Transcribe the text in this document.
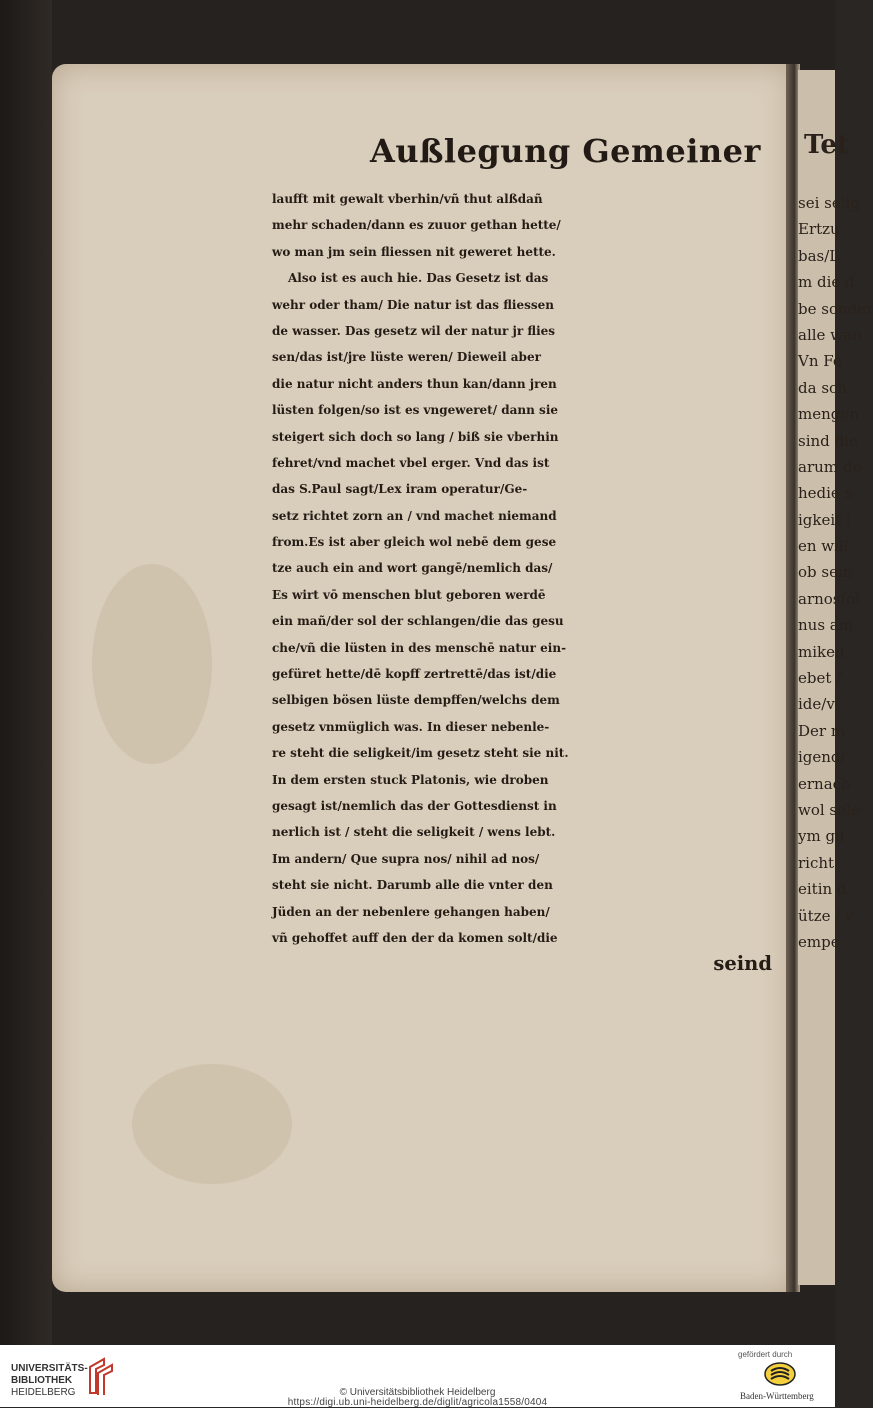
Tet
sei selig
Ertzu
bas/L
m die d
be sonder
alle wan
Vn Fe
da sch
mengen
sind die
arum de
hedie s
igkeit (
en will
ob sein
arnosfol
nus am
mikeit
ebet /
ide/v
Der m
igend/
ernach
wol sole
ym gu
richt
eitin d
ütze / v
empe
Außlegung Gemeiner
laufft mit gewalt vberhin/vñ thut alßdañ
mehr schaden/dann es zuuor gethan hette/
wo man jm sein fliessen nit geweret hette.
Also ist es auch hie. Das Gesetz ist das
wehr oder tham/ Die natur ist das fliessen
de wasser. Das gesetz wil der natur jr flies
sen/das ist/jre lüste weren/ Dieweil aber
die natur nicht anders thun kan/dann jren
lüsten folgen/so ist es vngeweret/ dann sie
steigert sich doch so lang / biß sie vberhin
fehret/vnd machet vbel erger. Vnd das ist
das S.Paul sagt/Lex iram operatur/Ge-
setz richtet zorn an / vnd machet niemand
from.Es ist aber gleich wol nebē dem gese
tze auch ein and wort gangē/nemlich das/
Es wirt vō menschen blut geboren werdē
ein mañ/der sol der schlangen/die das gesu
che/vñ die lüsten in des menschē natur ein-
gefüret hette/dē kopff zertrettē/das ist/die
selbigen bösen lüste dempffen/welchs dem
gesetz vnmüglich was. In dieser nebenle-
re steht die seligkeit/im gesetz steht sie nit.
In dem ersten stuck Platonis, wie droben
gesagt ist/nemlich das der Gottesdienst in
nerlich ist / steht die seligkeit / wens lebt.
Im andern/ Que supra nos/ nihil ad nos/
steht sie nicht. Darumb alle die vnter den
Jüden an der nebenlere gehangen haben/
vñ gehoffet auff den der da komen solt/die
seind
UNIVERSITÄTS-
BIBLIOTHEK
HEIDELBERG	© Universitätsbibliothek Heidelberg
https://digi.ub.uni-heidelberg.de/diglit/agricola1558/0404
gefördert durch
Baden-Württemberg
